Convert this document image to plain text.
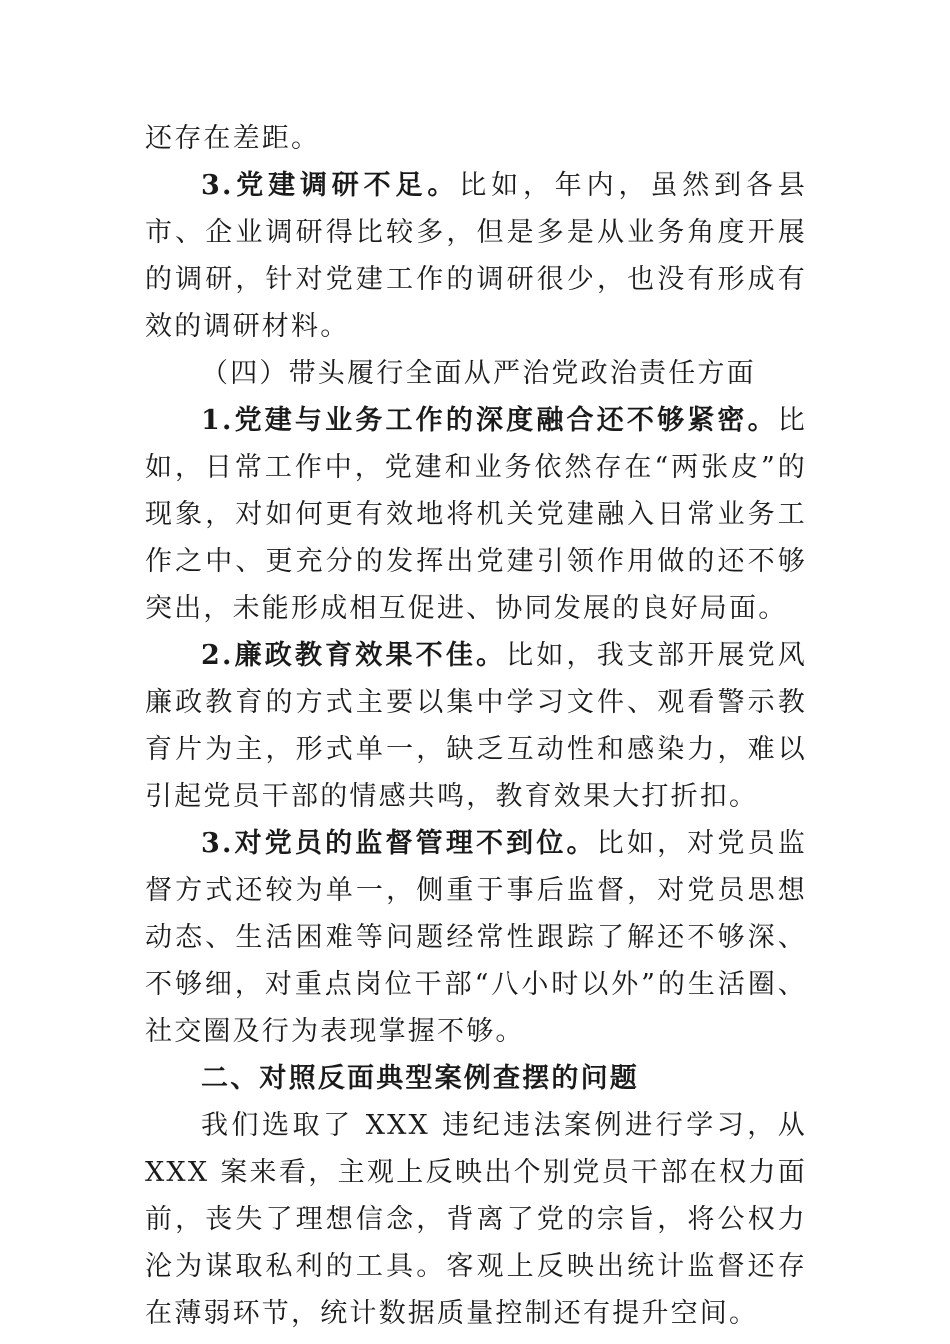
还存在差距。

3.党建调研不足。比如，年内，虽然到各县市、企业调研得比较多，但是多是从业务角度开展的调研，针对党建工作的调研很少，也没有形成有效的调研材料。

（四）带头履行全面从严治党政治责任方面

1.党建与业务工作的深度融合还不够紧密。比如，日常工作中，党建和业务依然存在“两张皮”的现象，对如何更有效地将机关党建融入日常业务工作之中、更充分的发挥出党建引领作用做的还不够突出，未能形成相互促进、协同发展的良好局面。

2.廉政教育效果不佳。比如，我支部开展党风廉政教育的方式主要以集中学习文件、观看警示教育片为主，形式单一，缺乏互动性和感染力，难以引起党员干部的情感共鸣，教育效果大打折扣。

3.对党员的监督管理不到位。比如，对党员监督方式还较为单一，侧重于事后监督，对党员思想动态、生活困难等问题经常性跟踪了解还不够深、不够细，对重点岗位干部“八小时以外”的生活圈、社交圈及行为表现掌握不够。

二、对照反面典型案例查摆的问题

我们选取了 XXX 违纪违法案例进行学习，从 XXX 案来看，主观上反映出个别党员干部在权力面前，丧失了理想信念，背离了党的宗旨，将公权力沦为谋取私利的工具。客观上反映出统计监督还存在薄弱环节，统计数据质量控制还有提升空间。
